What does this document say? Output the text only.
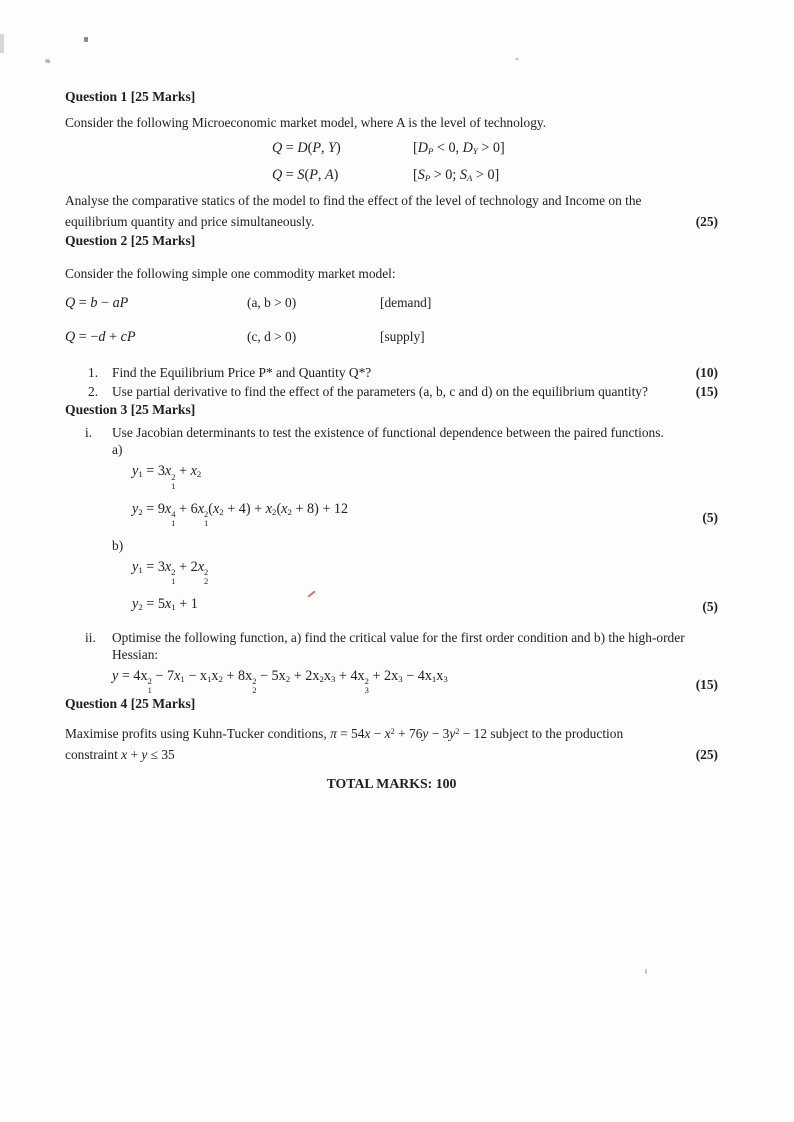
Question 1 [25 Marks]

Consider the following Microeconomic market model, where A is the level of technology.

Q = D(P, Y)	[$D_P < 0$, $D_Y > 0$]
Q = S(P, A)	[$S_P > 0$; $S_A > 0$]

Analyse the comparative statics of the model to find the effect of the level of technology and Income on the equilibrium quantity and price simultaneously.	(25)
Question 2 [25 Marks]

Consider the following simple one commodity market model:

Q = b − aP	(a, b > 0)	[demand]
Q = −d + cP	(c, d > 0)	[supply]
1.	Find the Equilibrium Price P* and Quantity Q*?	(10)
2.	Use partial derivative to find the effect of the parameters (a, b, c and d) on the equilibrium quantity?	(15)
Question 3 [25 Marks]
i.	Use Jacobian determinants to test the existence of functional dependence between the paired functions.

a)

$y_1 = 3x$ 2
1
+ $x_2$
$y_2 = 9x$ 4
1
+ 6x 2
1
$(x_2 + 4) + x_2(x_2 + 8) + 12$
(5)

b)

$y_1 = 3x$ 2
1
+ 2x 2
2
$y_2 = 5x_1 + 1$	(5)
ii.	Optimise the following function, a) find the critical value for the first order condition and b) the high-order Hessian:
y = 4x 2
1
− $7x_1 - x_1x_2 + 8x$ 2
2
− $5x_2 + 2x_2x_3 + 4x$ 2
3
+ $2x_3 - 4x_1x_3$	(15)
Question 4 [25 Marks]

Maximise profits using Kuhn-Tucker conditions, $\pi = 54x - x^2 + 76y - 3y^2 - 12$ subject to the production constraint x + y ≤ 35	(25)

TOTAL MARKS: 100
